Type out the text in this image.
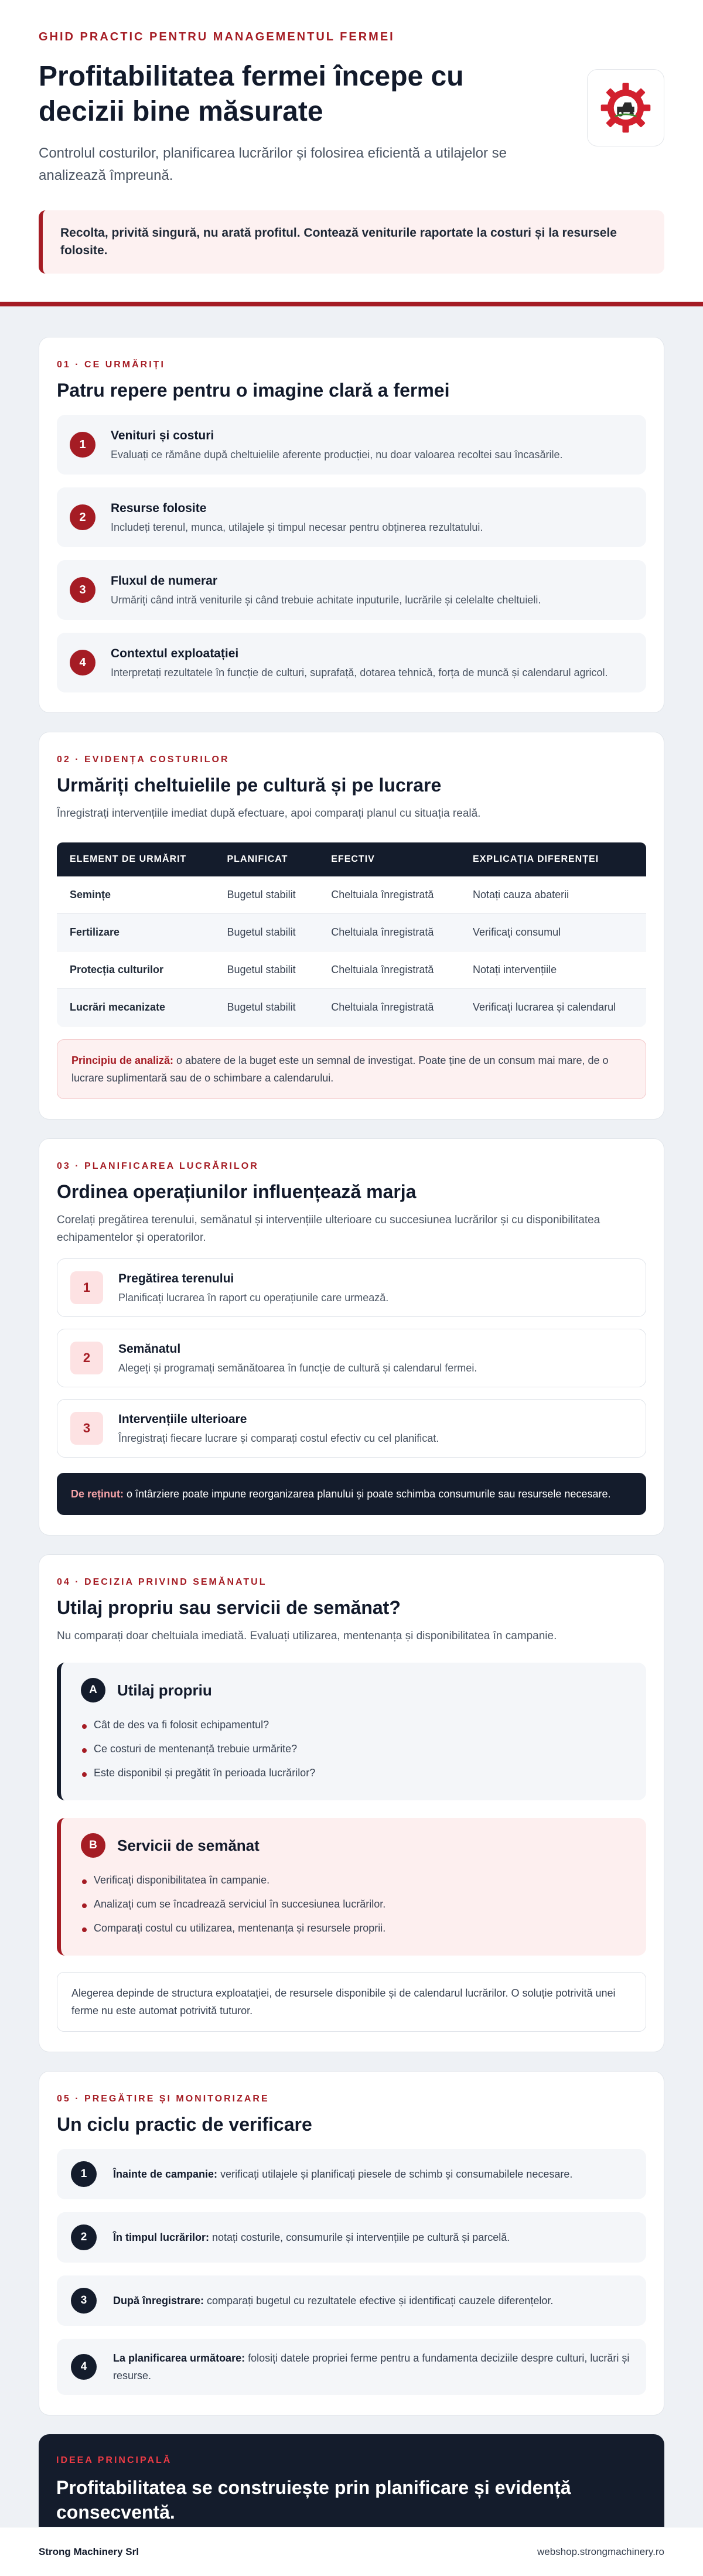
GHID PRACTIC PENTRU MANAGEMENTUL FERMEI
Profitabilitatea fermei începe cu decizii bine măsurate

Controlul costurilor, planificarea lucrărilor și folosirea eficientă a utilajelor se analizează împreună.

Recolta, privită singură, nu arată profitul. Contează veniturile raportate la costuri și la resursele folosite.
01 · CE URMĂRIȚI
Patru repere pentru o imagine clară a fermei
1
Venituri și costuri
Evaluați ce rămâne după cheltuielile aferente producției, nu doar valoarea recoltei sau încasările.
2
Resurse folosite
Includeți terenul, munca, utilajele și timpul necesar pentru obținerea rezultatului.
3
Fluxul de numerar
Urmăriți când intră veniturile și când trebuie achitate inputurile, lucrările și celelalte cheltuieli.
4
Contextul exploatației
Interpretați rezultatele în funcție de culturi, suprafață, dotarea tehnică, forța de muncă și calendarul agricol.
02 · EVIDENȚA COSTURILOR
Urmăriți cheltuielile pe cultură și pe lucrare

Înregistrați intervențiile imediat după efectuare, apoi comparați planul cu situația reală.

ELEMENT DE URMĂRIT	PLANIFICAT	EFECTIV	EXPLICAȚIA DIFERENȚEI
Semințe	Bugetul stabilit	Cheltuiala înregistrată	Notați cauza abaterii
Fertilizare	Bugetul stabilit	Cheltuiala înregistrată	Verificați consumul
Protecția culturilor	Bugetul stabilit	Cheltuiala înregistrată	Notați intervențiile
Lucrări mecanizate	Bugetul stabilit	Cheltuiala înregistrată	Verificați lucrarea și calendarul
Principiu de analiză: o abatere de la buget este un semnal de investigat. Poate ține de un consum mai mare, de o lucrare suplimentară sau de o schimbare a calendarului.
03 · PLANIFICAREA LUCRĂRILOR
Ordinea operațiunilor influențează marja

Corelați pregătirea terenului, semănatul și intervențiile ulterioare cu succesiunea lucrărilor și cu disponibilitatea echipamentelor și operatorilor.

1
Pregătirea terenului
Planificați lucrarea în raport cu operațiunile care urmează.
2
Semănatul
Alegeți și programați semănătoarea în funcție de cultură și calendarul fermei.
3
Intervențiile ulterioare
Înregistrați fiecare lucrare și comparați costul efectiv cu cel planificat.
De reținut: o întârziere poate impune reorganizarea planului și poate schimba consumurile sau resursele necesare.
04 · DECIZIA PRIVIND SEMĂNATUL
Utilaj propriu sau servicii de semănat?

Nu comparați doar cheltuiala imediată. Evaluați utilizarea, mentenanța și disponibilitatea în campanie.

A	Utilaj propriu
Cât de des va fi folosit echipamentul?
Ce costuri de mentenanță trebuie urmărite?
Este disponibil și pregătit în perioada lucrărilor?
B	Servicii de semănat
Verificați disponibilitatea în campanie.
Analizați cum se încadrează serviciul în succesiunea lucrărilor.
Comparați costul cu utilizarea, mentenanța și resursele proprii.
Alegerea depinde de structura exploatației, de resursele disponibile și de calendarul lucrărilor. O soluție potrivită unei ferme nu este automat potrivită tuturor.
05 · PREGĂTIRE ȘI MONITORIZARE
Un ciclu practic de verificare
1	Înainte de campanie: verificați utilajele și planificați piesele de schimb și consumabilele necesare.
2	În timpul lucrărilor: notați costurile, consumurile și intervențiile pe cultură și parcelă.
3	După înregistrare: comparați bugetul cu rezultatele efective și identificați cauzele diferențelor.
4
La planificarea următoare: folosiți datele propriei ferme pentru a fundamenta deciziile despre culturi, lucrări și resurse.
IDEEA PRINCIPALĂ
Profitabilitatea se construiește prin planificare și evidență consecventă.

Strong Machinery Srl	webshop.strongmachinery.ro
